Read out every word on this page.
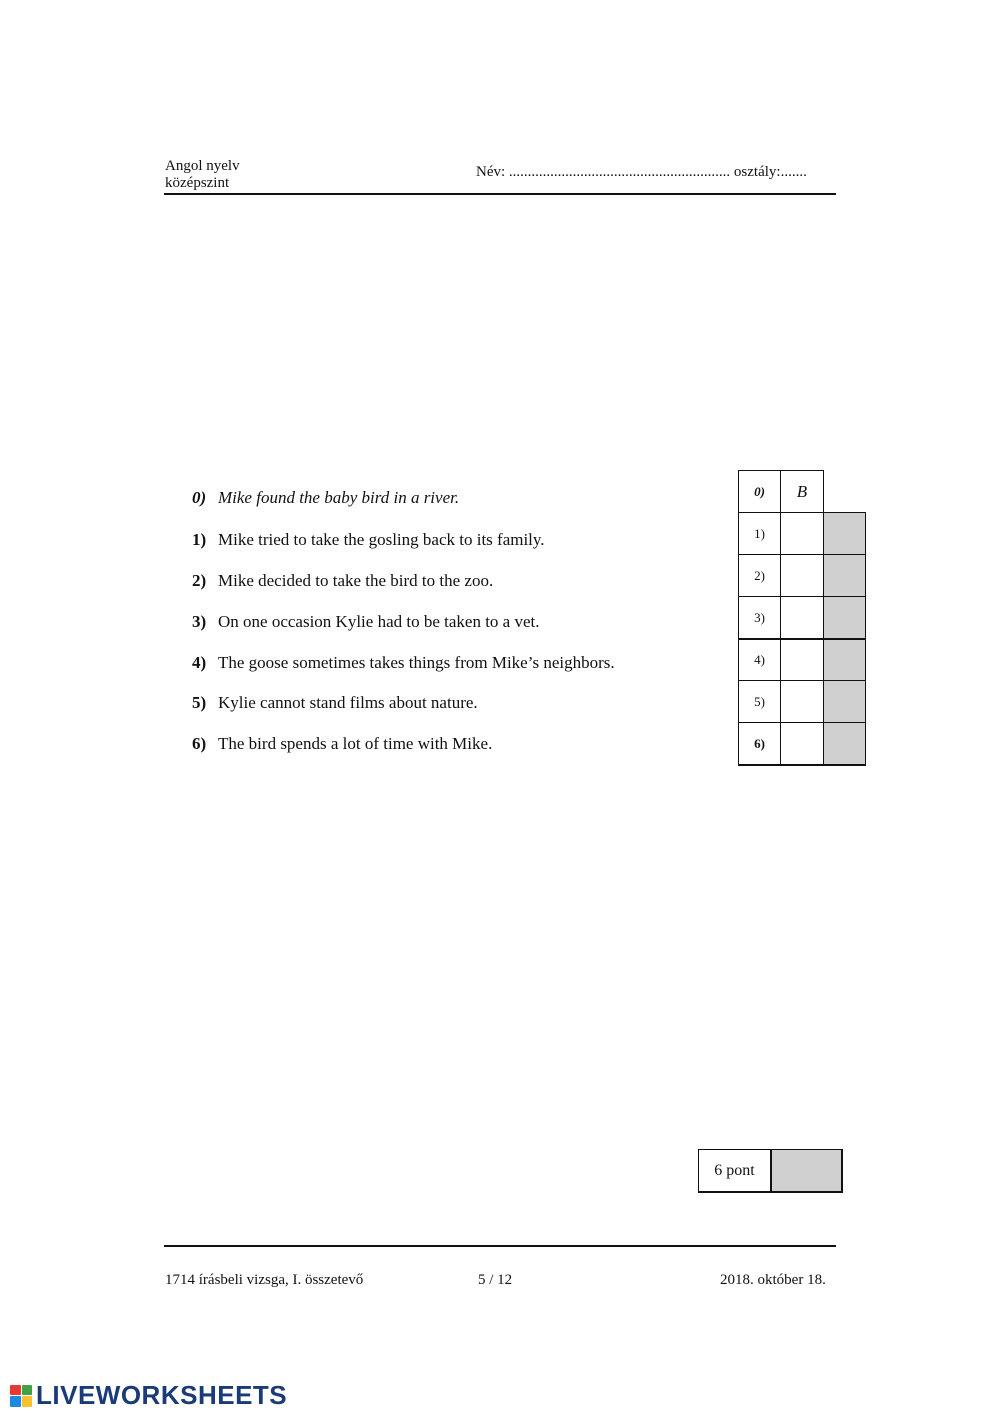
Angol nyelv
középszint
Név: ........................................................... osztály:.......
0) Mike found the baby bird in a river.
1) Mike tried to take the gosling back to its family.
2) Mike decided to take the bird to the zoo.
3) On one occasion Kylie had to be taken to a vet.
4) The goose sometimes takes things from Mike’s neighbors.
5) Kylie cannot stand films about nature.
6) The bird spends a lot of time with Mike.
0)	B
1)
2)
3)
4)
5)
6)
6 pont
1714 írásbeli vizsga, I. összetevő	5 / 12	2018. október 18.
LIVEWORKSHEETS
